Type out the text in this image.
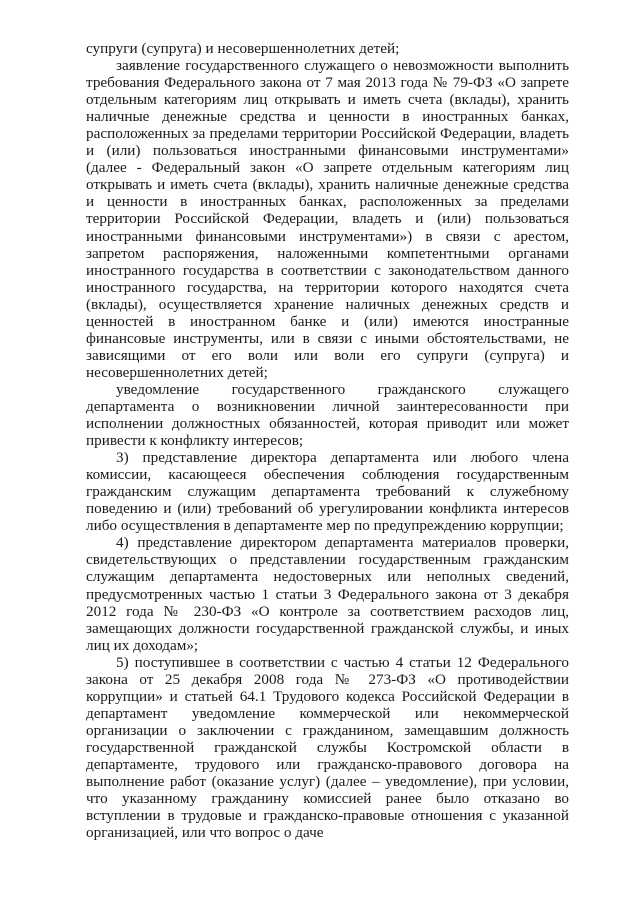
супруги (супруга) и несовершеннолетних детей;

заявление государственного служащего о невозможности выполнить требования Федерального закона от 7 мая 2013 года № 79-ФЗ «О запрете отдельным категориям лиц открывать и иметь счета (вклады), хранить наличные денежные средства и ценности в иностранных банках, расположенных за пределами территории Российской Федерации, владеть и (или) пользоваться иностранными финансовыми инструментами» (далее - Федеральный закон «О запрете отдельным категориям лиц открывать и иметь счета (вклады), хранить наличные денежные средства и ценности в иностранных банках, расположенных за пределами территории Российской Федерации, владеть и (или) пользоваться иностранными финансовыми инструментами») в связи с арестом, запретом распоряжения, наложенными компетентными органами иностранного государства в соответствии с законодательством данного иностранного государства, на территории которого находятся счета (вклады), осуществляется хранение наличных денежных средств и ценностей в иностранном банке и (или) имеются иностранные финансовые инструменты, или в связи с иными обстоятельствами, не зависящими от его воли или воли его супруги (супруга) и несовершеннолетних детей;

уведомление государственного гражданского служащего департамента о возникновении личной заинтересованности при исполнении должностных обязанностей, которая приводит или может привести к конфликту интересов;

3) представление директора департамента или любого члена комиссии, касающееся обеспечения соблюдения государственным гражданским служащим департамента требований к служебному поведению и (или) требований об урегулировании конфликта интересов либо осуществления в департаменте мер по предупреждению коррупции;

4) представление директором департамента материалов проверки, свидетельствующих о представлении государственным гражданским служащим департамента недостоверных или неполных сведений, предусмотренных частью 1 статьи 3 Федерального закона от 3 декабря 2012 года № 230-ФЗ «О контроле за соответствием расходов лиц, замещающих должности государственной гражданской службы, и иных лиц их доходам»;

5) поступившее в соответствии с частью 4 статьи 12 Федерального закона от 25 декабря 2008 года № 273-ФЗ «О противодействии коррупции» и статьей 64.1 Трудового кодекса Российской Федерации в департамент уведомление коммерческой или некоммерческой организации о заключении с гражданином, замещавшим должность государственной гражданской службы Костромской области в департаменте, трудового или гражданско-правового договора на выполнение работ (оказание услуг) (далее – уведомление), при условии, что указанному гражданину комиссией ранее было отказано во вступлении в трудовые и гражданско-правовые отношения с указанной организацией, или что вопрос о даче
